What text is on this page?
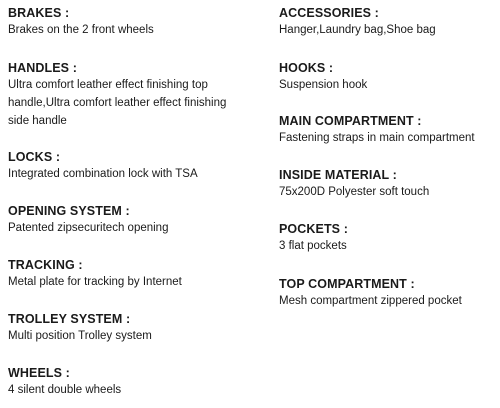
BRAKES :
Brakes on the 2 front wheels
HANDLES :
Ultra comfort leather effect finishing top handle,Ultra comfort leather effect finishing side handle
LOCKS :
Integrated combination lock with TSA
OPENING SYSTEM :
Patented zipsecuritech opening
TRACKING :
Metal plate for tracking by Internet
TROLLEY SYSTEM :
Multi position Trolley system
WHEELS :
4 silent double wheels
ACCESSORIES :
Hanger,Laundry bag,Shoe bag
HOOKS :
Suspension hook
MAIN COMPARTMENT :
Fastening straps in main compartment
INSIDE MATERIAL :
75x200D Polyester soft touch
POCKETS :
3 flat pockets
TOP COMPARTMENT :
Mesh compartment zippered pocket
